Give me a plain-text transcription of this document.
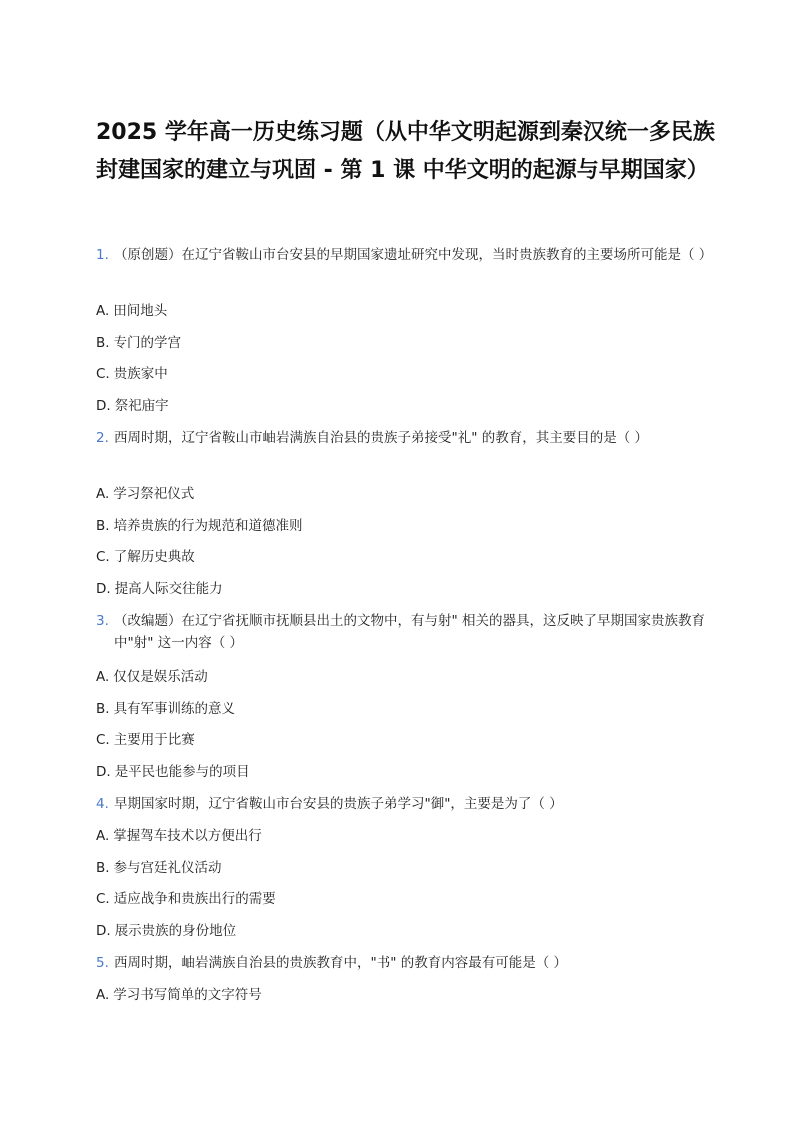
2025 学年高一历史练习题（从中华文明起源到秦汉统一多民族封建国家的建立与巩固 - 第 1 课 中华文明的起源与早期国家）
1. （原创题）在辽宁省鞍山市台安县的早期国家遗址研究中发现，当时贵族教育的主要场所可能是（ ）
A. 田间地头
B. 专门的学宫
C. 贵族家中
D. 祭祀庙宇
2. 西周时期，辽宁省鞍山市岫岩满族自治县的贵族子弟接受"礼" 的教育，其主要目的是（ ）
A. 学习祭祀仪式
B. 培养贵族的行为规范和道德准则
C. 了解历史典故
D. 提高人际交往能力
3. （改编题）在辽宁省抚顺市抚顺县出土的文物中，有与射" 相关的器具，这反映了早期国家贵族教育中"射" 这一内容（ ）
A. 仅仅是娱乐活动
B. 具有军事训练的意义
C. 主要用于比赛
D. 是平民也能参与的项目
4. 早期国家时期，辽宁省鞍山市台安县的贵族子弟学习"御"，主要是为了（ ）
A. 掌握驾车技术以方便出行
B. 参与宫廷礼仪活动
C. 适应战争和贵族出行的需要
D. 展示贵族的身份地位
5. 西周时期，岫岩满族自治县的贵族教育中，"书" 的教育内容最有可能是（ ）
A. 学习书写简单的文字符号
